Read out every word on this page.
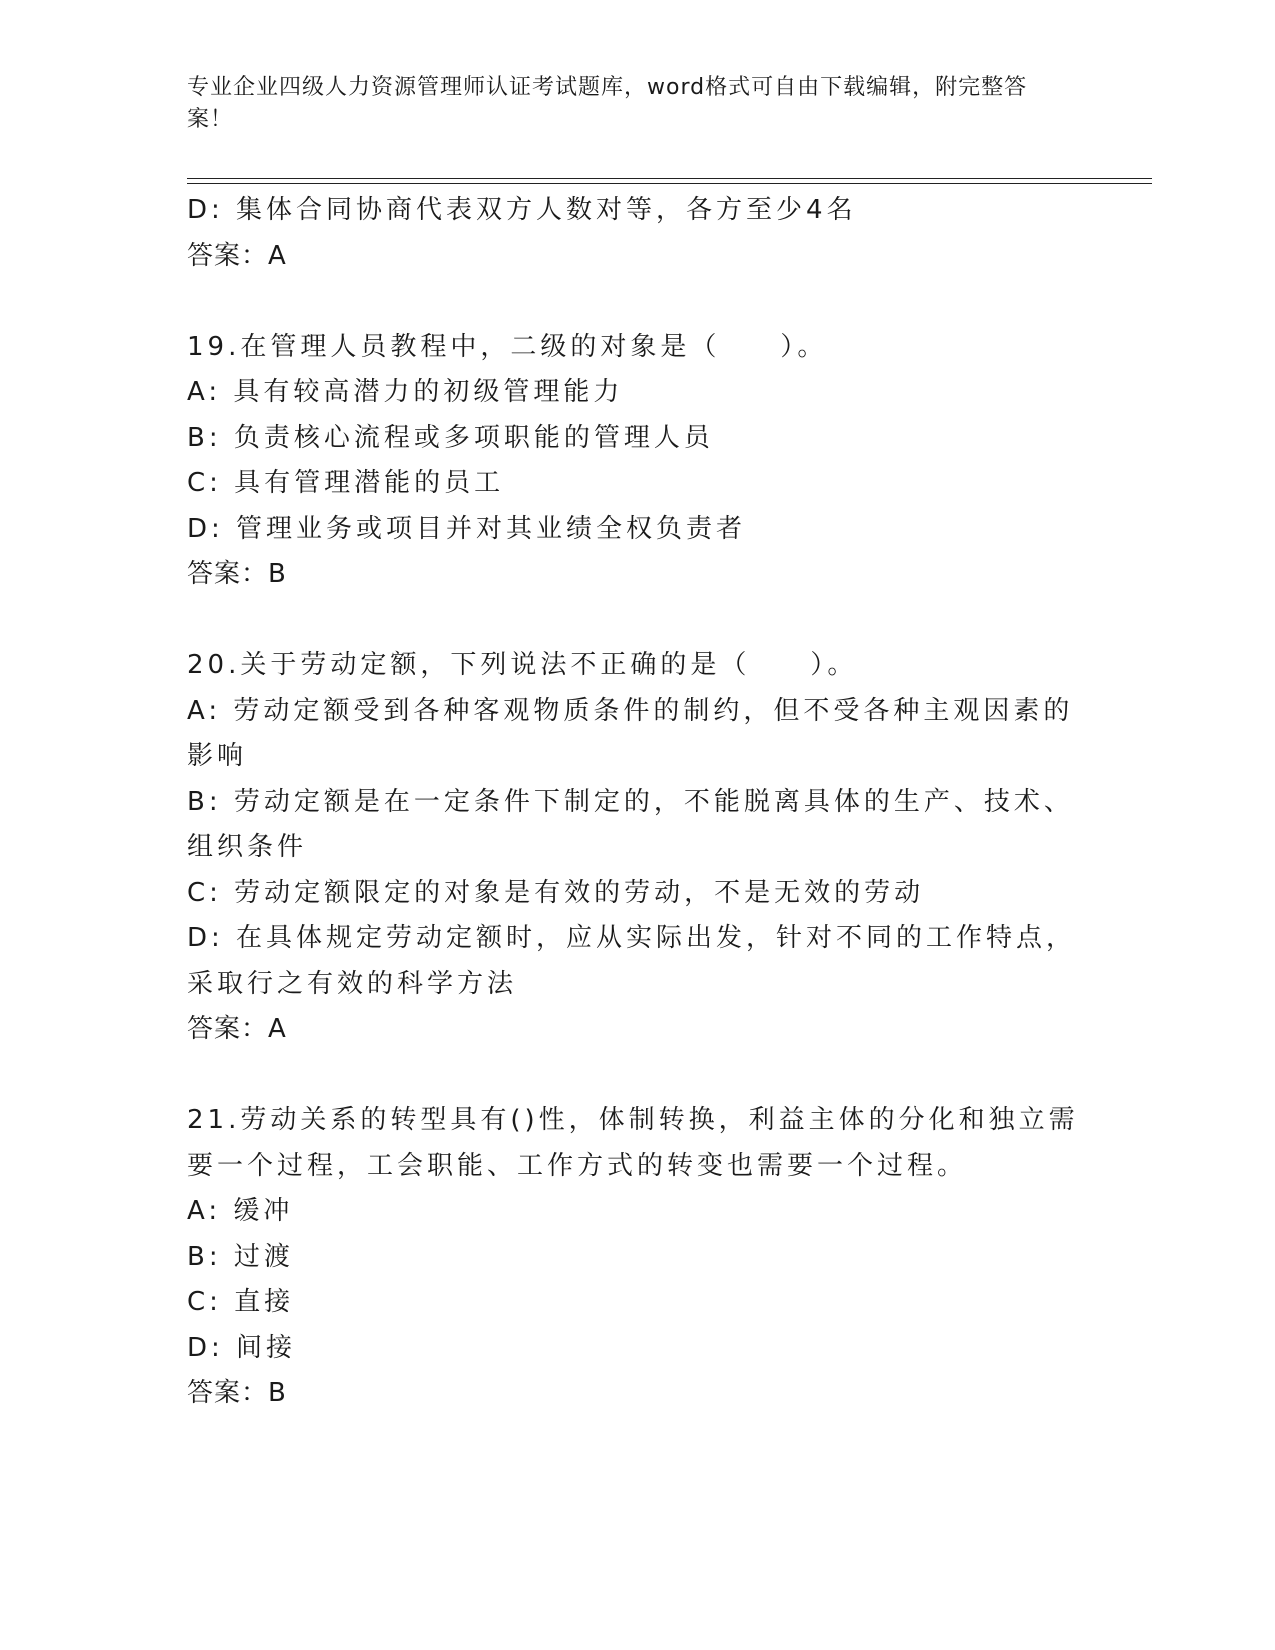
专业企业四级人力资源管理师认证考试题库，word格式可自由下载编辑，附完整答案！
D: 集体合同协商代表双方人数对等，各方至少4名
答案：A
19.在管理人员教程中，二级的对象是（　　）。
A: 具有较高潜力的初级管理能力
B: 负责核心流程或多项职能的管理人员
C: 具有管理潜能的员工
D: 管理业务或项目并对其业绩全权负责者
答案：B
20.关于劳动定额，下列说法不正确的是（　　）。
A: 劳动定额受到各种客观物质条件的制约，但不受各种主观因素的影响
B: 劳动定额是在一定条件下制定的，不能脱离具体的生产、技术、组织条件
C: 劳动定额限定的对象是有效的劳动，不是无效的劳动
D: 在具体规定劳动定额时，应从实际出发，针对不同的工作特点，采取行之有效的科学方法
答案：A
21.劳动关系的转型具有()性，体制转换，利益主体的分化和独立需要一个过程，工会职能、工作方式的转变也需要一个过程。
A: 缓冲
B: 过渡
C: 直接
D: 间接
答案：B
